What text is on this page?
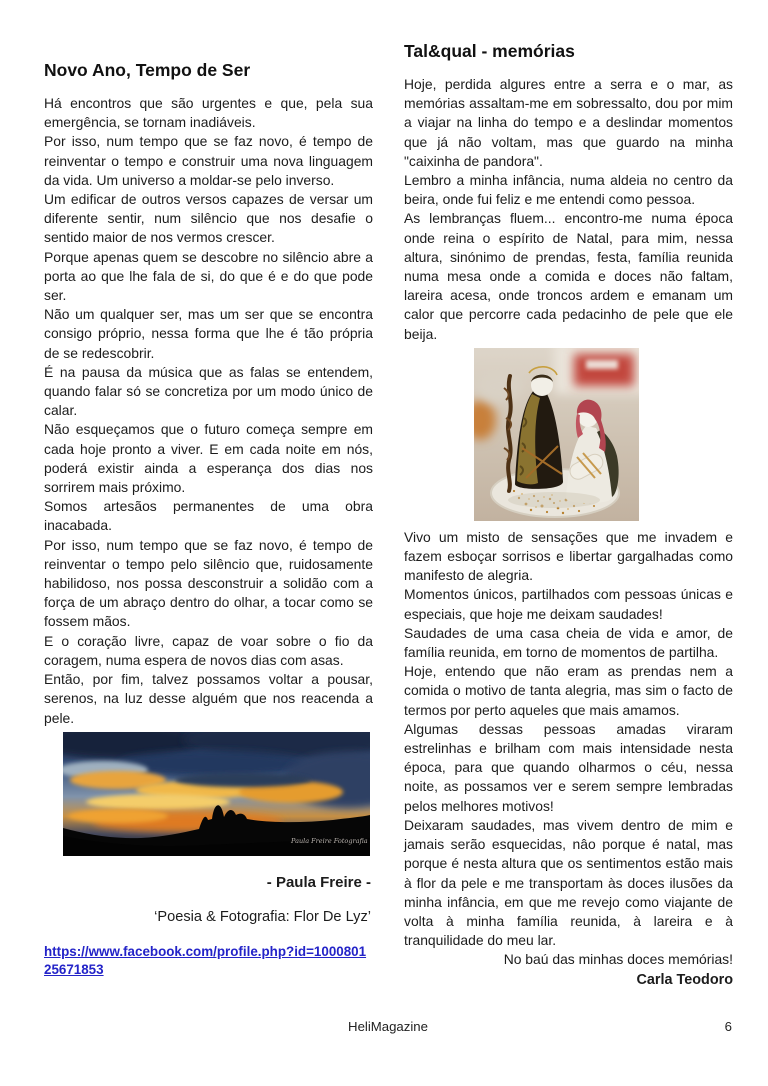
Novo Ano, Tempo de Ser

Há encontros que são urgentes e que, pela sua emergência, se tornam inadiáveis.

Por isso, num tempo que se faz novo, é tempo de reinventar o tempo e construir uma nova linguagem da vida. Um universo a moldar-se pelo inverso.

Um edificar de outros versos capazes de versar um diferente sentir, num silêncio que nos desafie o sentido maior de nos vermos crescer.

Porque apenas quem se descobre no silêncio abre a porta ao que lhe fala de si, do que é e do que pode ser.

Não um qualquer ser, mas um ser que se encontra consigo próprio, nessa forma que lhe é tão própria de se redescobrir.

É na pausa da música que as falas se entendem, quando falar só se concretiza por um modo único de calar.

Não esqueçamos que o futuro começa sempre em cada hoje pronto a viver. E em cada noite em nós, poderá existir ainda a esperança dos dias nos sorrirem mais próximo.

Somos artesãos permanentes de uma obra inacabada.

Por isso, num tempo que se faz novo, é tempo de reinventar o tempo pelo silêncio que, ruidosamente habilidoso, nos possa desconstruir a solidão com a força de um abraço dentro do olhar, a tocar como se fossem mãos.

E o coração livre, capaz de voar sobre o fio da coragem, numa espera de novos dias com asas.

Então, por fim, talvez possamos voltar a pousar, serenos, na luz desse alguém que nos reacenda a pele.

Paula Freire Fotografia
- Paula Freire -
‘Poesia & Fotografia: Flor De Lyz’
https://www.facebook.com/profile.php?id=100080125671853
Tal&qual - memórias

Hoje, perdida algures entre a serra e o mar, as memórias assaltam-me em sobressalto, dou por mim a viajar na linha do tempo e a deslindar momentos que já não voltam, mas que guardo na minha "caixinha de pandora".

Lembro a minha infância, numa aldeia no centro da beira, onde fui feliz e me entendi como pessoa.

As lembranças fluem... encontro-me numa época onde reina o espírito de Natal, para mim, nessa altura, sinónimo de prendas, festa, família reunida numa mesa onde a comida e doces não faltam, lareira acesa, onde troncos ardem e emanam um calor que percorre cada pedacinho de pele que ele beija.

Vivo um misto de sensações que me invadem e fazem esboçar sorrisos e libertar gargalhadas como manifesto de alegria.

Momentos únicos, partilhados com pessoas únicas e especiais, que hoje me deixam saudades!

Saudades de uma casa cheia de vida e amor, de família reunida, em torno de momentos de partilha.

Hoje, entendo que não eram as prendas nem a comida o motivo de tanta alegria, mas sim o facto de termos por perto aqueles que mais amamos.

Algumas dessas pessoas amadas viraram estrelinhas e brilham com mais intensidade nesta época, para que quando olharmos o céu, nessa noite, as possamos ver e serem sempre lembradas pelos melhores motivos!

Deixaram saudades, mas vivem dentro de mim e jamais serão esquecidas, nâo porque é natal, mas porque é nesta altura que os sentimentos estão mais à flor da pele e me transportam às doces ilusões da minha infância, em que me revejo como viajante de volta à minha família reunida, à lareira e à tranquilidade do meu lar.

No baú das minhas doces memórias!

Carla Teodoro

HeliMagazine	6
